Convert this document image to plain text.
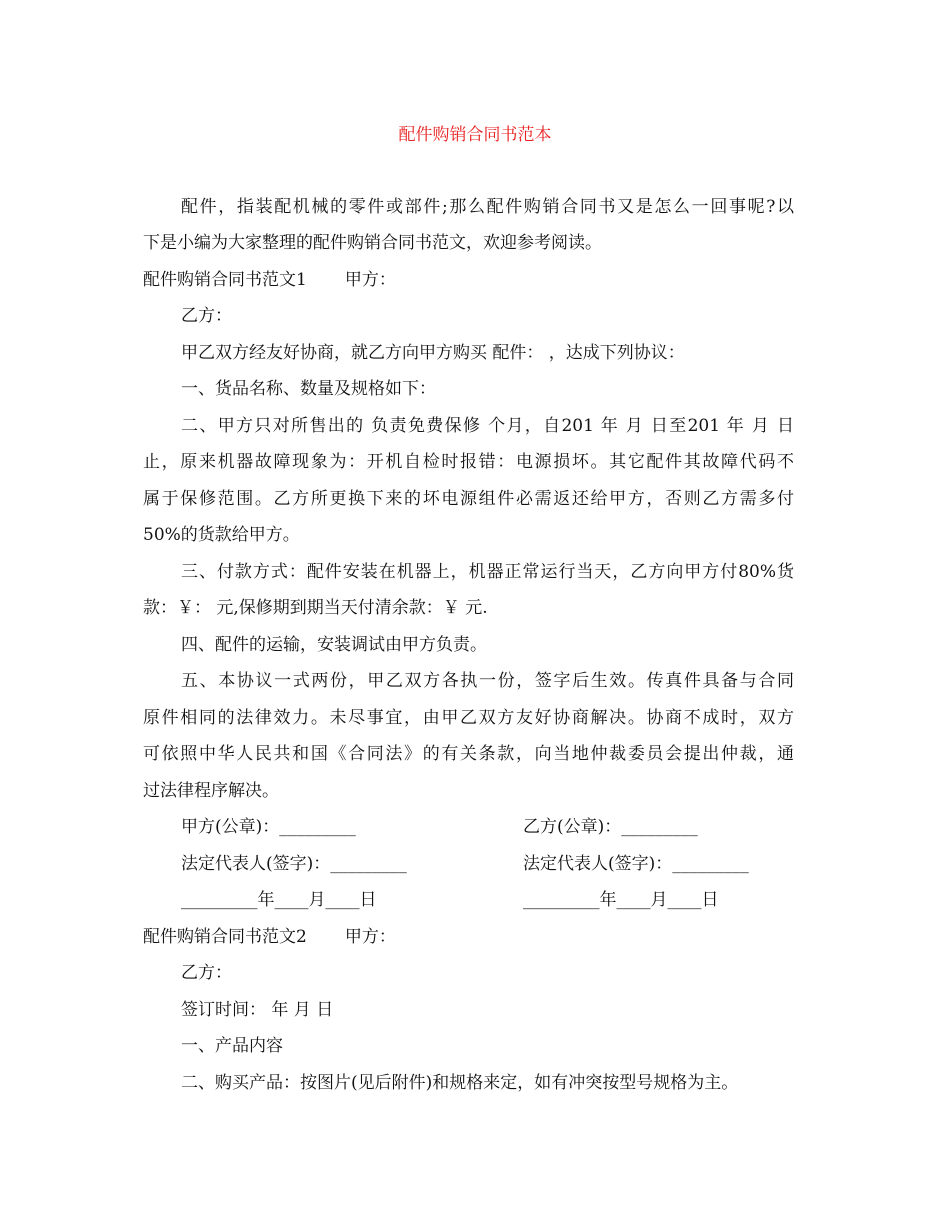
配件购销合同书范本
配件，指装配机械的零件或部件;那么配件购销合同书又是怎么一回事呢?以
下是小编为大家整理的配件购销合同书范文，欢迎参考阅读。
配件购销合同书范文1 甲方：
乙方：
甲乙双方经友好协商，就乙方向甲方购买 配件： ，达成下列协议：
一、货品名称、数量及规格如下：
二、甲方只对所售出的 负责免费保修 个月，自201 年 月 日至201 年 月 日
止，原来机器故障现象为：开机自检时报错：电源损坏。其它配件其故障代码不
属于保修范围。乙方所更换下来的坏电源组件必需返还给甲方，否则乙方需多付
50%的货款给甲方。
三、付款方式：配件安装在机器上，机器正常运行当天，乙方向甲方付80%货
款：￥： 元,保修期到期当天付清余款：￥ 元.
四、配件的运输，安装调试由甲方负责。
五、本协议一式两份，甲乙双方各执一份，签字后生效。传真件具备与合同
原件相同的法律效力。未尽事宜，由甲乙双方友好协商解决。协商不成时，双方
可依照中华人民共和国《合同法》的有关条款，向当地仲裁委员会提出仲裁，通
过法律程序解决。
甲方(公章)：_________	乙方(公章)：_________
法定代表人(签字)：_________	法定代表人(签字)：_________
_________年____月____日	_________年____月____日
配件购销合同书范文2 甲方：
乙方：
签订时间： 年 月 日
一、产品内容
二、购买产品：按图片(见后附件)和规格来定，如有冲突按型号规格为主。
